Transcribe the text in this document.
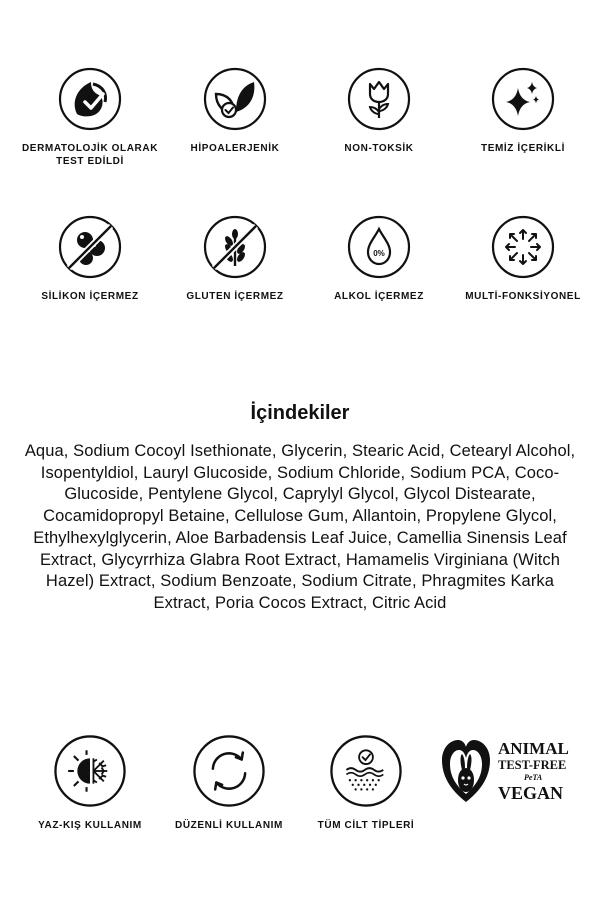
DERMATOLOJİK OLARAK
TEST EDİLDİ
HİPOALERJENİK	NON-TOKSİK	TEMİZ İÇERİKLİ
SİLİKON İÇERMEZ	GLUTEN İÇERMEZ
0%
ALKOL İÇERMEZ	MULTİ-FONKSİYONEL
İçindekiler
Aqua, Sodium Cocoyl Isethionate, Glycerin, Stearic Acid, Cetearyl Alcohol, Isopentyldiol, Lauryl Glucoside, Sodium Chloride, Sodium PCA, Coco-Glucoside, Pentylene Glycol, Caprylyl Glycol, Glycol Distearate, Cocamidopropyl Betaine, Cellulose Gum, Allantoin, Propylene Glycol, Ethylhexylglycerin, Aloe Barbadensis Leaf Juice, Camellia Sinensis Leaf Extract, Glycyrrhiza Glabra Root Extract, Hamamelis Virginiana (Witch Hazel) Extract, Sodium Benzoate, Sodium Citrate, Phragmites Karka Extract, Poria Cocos Extract, Citric Acid
YAZ-KIŞ KULLANIM	DÜZENLİ KULLANIM	TÜM CİLT TİPLERİ
ANIMAL
TEST-FREE
PeTA
VEGAN
